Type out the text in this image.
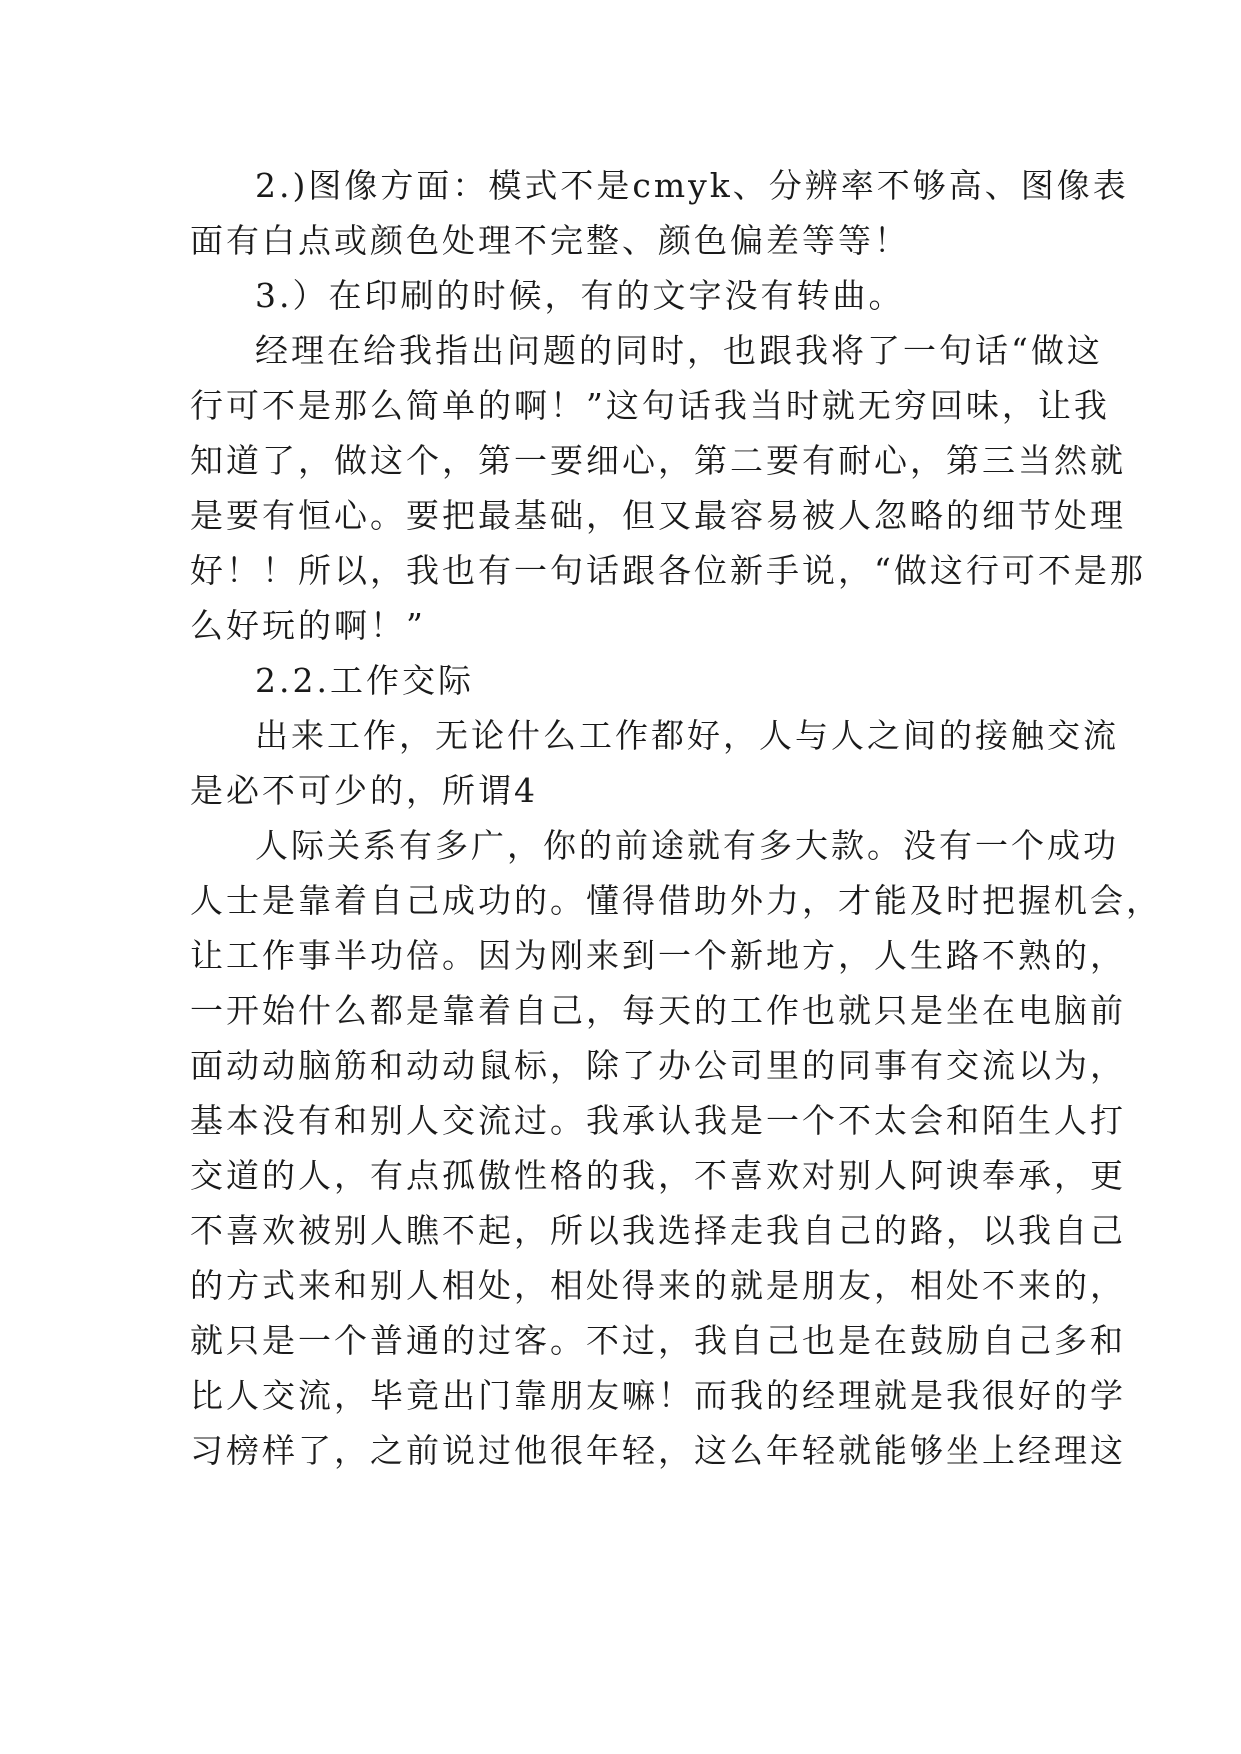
2.)图像方面：模式不是cmyk、分辨率不够高、图像表
面有白点或颜色处理不完整、颜色偏差等等！
3.）在印刷的时候，有的文字没有转曲。
经理在给我指出问题的同时，也跟我将了一句话“做这
行可不是那么简单的啊！”这句话我当时就无穷回味，让我
知道了，做这个，第一要细心，第二要有耐心，第三当然就
是要有恒心。要把最基础，但又最容易被人忽略的细节处理
好！！所以，我也有一句话跟各位新手说，“做这行可不是那
么好玩的啊！”
2.2.工作交际
出来工作，无论什么工作都好，人与人之间的接触交流
是必不可少的，所谓4
人际关系有多广，你的前途就有多大款。没有一个成功
人士是靠着自己成功的。懂得借助外力，才能及时把握机会，
让工作事半功倍。因为刚来到一个新地方，人生路不熟的，
一开始什么都是靠着自己，每天的工作也就只是坐在电脑前
面动动脑筋和动动鼠标，除了办公司里的同事有交流以为，
基本没有和别人交流过。我承认我是一个不太会和陌生人打
交道的人，有点孤傲性格的我，不喜欢对别人阿谀奉承，更
不喜欢被别人瞧不起，所以我选择走我自己的路，以我自己
的方式来和别人相处，相处得来的就是朋友，相处不来的，
就只是一个普通的过客。不过，我自己也是在鼓励自己多和
比人交流，毕竟出门靠朋友嘛！而我的经理就是我很好的学
习榜样了，之前说过他很年轻，这么年轻就能够坐上经理这
